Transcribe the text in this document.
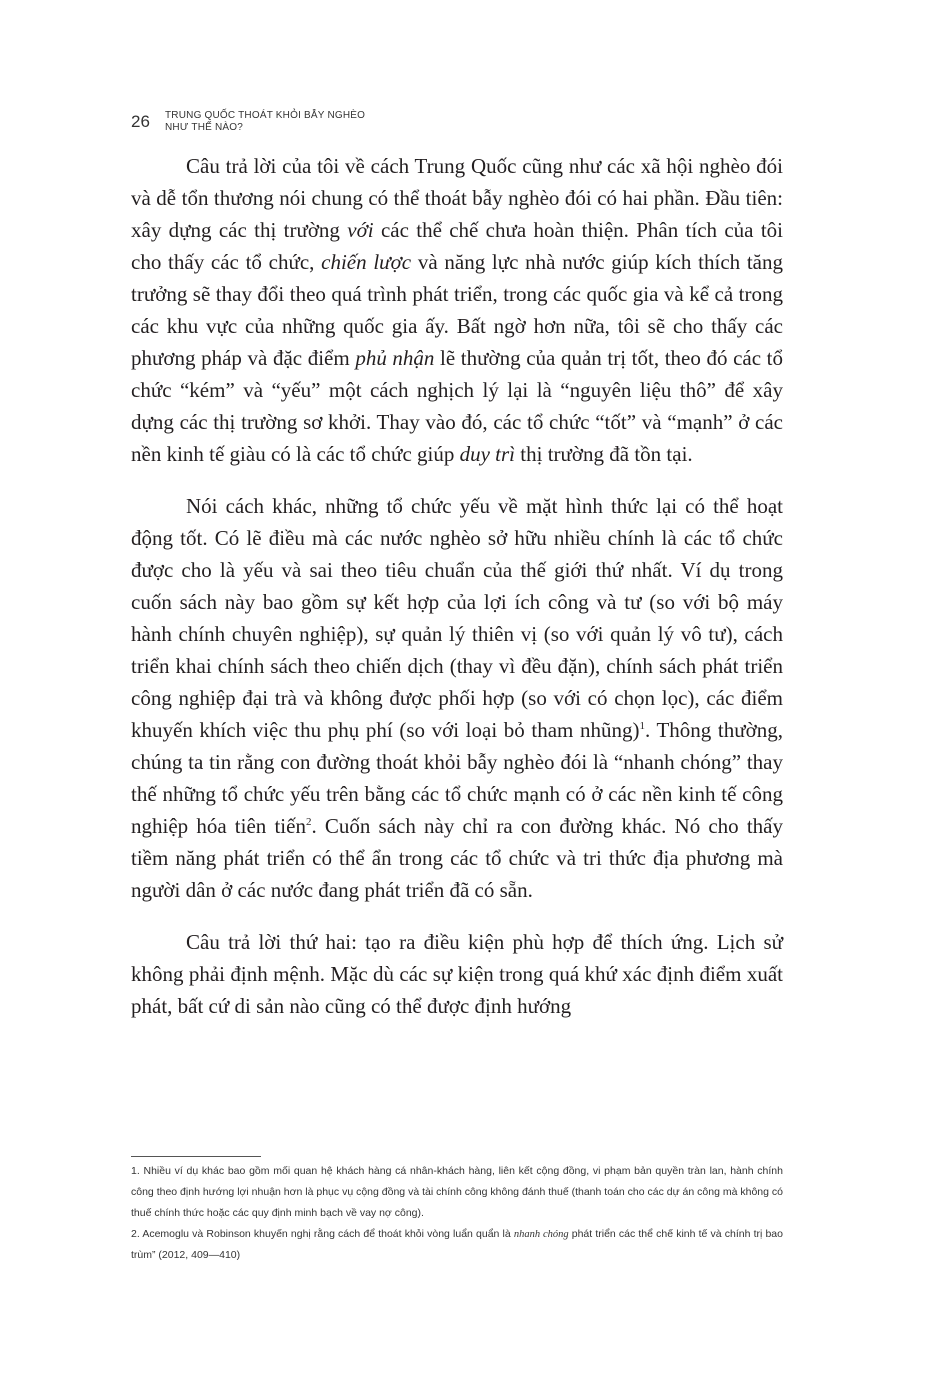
26 TRUNG QUỐC THOÁT KHỎI BẪY NGHÈO
NHƯ THẾ NÀO?

Câu trả lời của tôi về cách Trung Quốc cũng như các xã hội nghèo đói và dễ tổn thương nói chung có thể thoát bẫy nghèo đói có hai phần. Đầu tiên: xây dựng các thị trường với các thể chế chưa hoàn thiện. Phân tích của tôi cho thấy các tổ chức, chiến lược và năng lực nhà nước giúp kích thích tăng trưởng sẽ thay đổi theo quá trình phát triển, trong các quốc gia và kể cả trong các khu vực của những quốc gia ấy. Bất ngờ hơn nữa, tôi sẽ cho thấy các phương pháp và đặc điểm phủ nhận lẽ thường của quản trị tốt, theo đó các tổ chức “kém” và “yếu” một cách nghịch lý lại là “nguyên liệu thô” để xây dựng các thị trường sơ khởi. Thay vào đó, các tổ chức “tốt” và “mạnh” ở các nền kinh tế giàu có là các tổ chức giúp duy trì thị trường đã tồn tại.

Nói cách khác, những tổ chức yếu về mặt hình thức lại có thể hoạt động tốt. Có lẽ điều mà các nước nghèo sở hữu nhiều chính là các tổ chức được cho là yếu và sai theo tiêu chuẩn của thế giới thứ nhất. Ví dụ trong cuốn sách này bao gồm sự kết hợp của lợi ích công và tư (so với bộ máy hành chính chuyên nghiệp), sự quản lý thiên vị (so với quản lý vô tư), cách triển khai chính sách theo chiến dịch (thay vì đều đặn), chính sách phát triển công nghiệp đại trà và không được phối hợp (so với có chọn lọc), các điểm khuyến khích việc thu phụ phí (so với loại bỏ tham nhũng)$^1$. Thông thường, chúng ta tin rằng con đường thoát khỏi bẫy nghèo đói là “nhanh chóng” thay thế những tổ chức yếu trên bằng các tổ chức mạnh có ở các nền kinh tế công nghiệp hóa tiên tiến$^2$. Cuốn sách này chỉ ra con đường khác. Nó cho thấy tiềm năng phát triển có thể ẩn trong các tổ chức và tri thức địa phương mà người dân ở các nước đang phát triển đã có sẵn.

Câu trả lời thứ hai: tạo ra điều kiện phù hợp để thích ứng. Lịch sử không phải định mệnh. Mặc dù các sự kiện trong quá khứ xác định điểm xuất phát, bất cứ di sản nào cũng có thể được định hướng

1. Nhiều ví dụ khác bao gồm mối quan hệ khách hàng cá nhân-khách hàng, liên kết cộng đồng, vi phạm bản quyền tràn lan, hành chính công theo định hướng lợi nhuận hơn là phục vụ cộng đồng và tài chính công không đánh thuế (thanh toán cho các dự án công mà không có thuế chính thức hoặc các quy định minh bạch về vay nợ công).

2. Acemoglu và Robinson khuyến nghị rằng cách để thoát khỏi vòng luẩn quẩn là nhanh chóng phát triển các thể chế kinh tế và chính trị bao trùm” (2012, 409—410)
